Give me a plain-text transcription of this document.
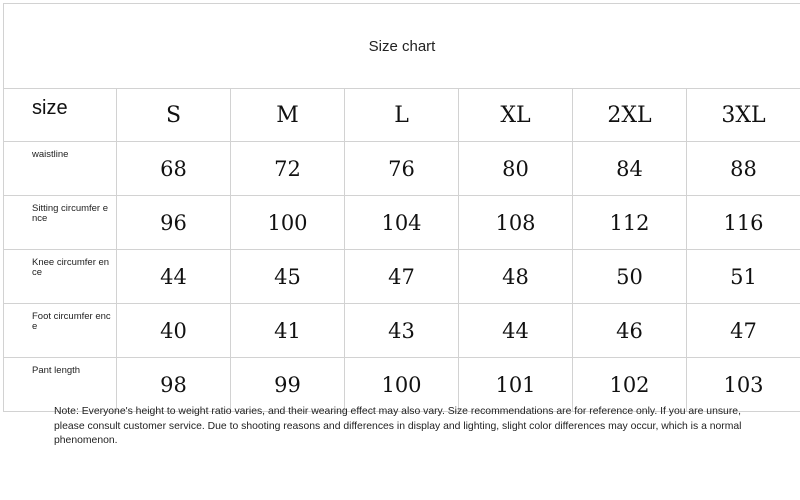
Size chart						
size	S	M	L	XL	2XL	3XL
waistline	68	72	76	80	84	88
Sitting circumfer ence	96	100	104	108	112	116
Knee circumfer ence	44	45	47	48	50	51
Foot circumfer ence	40	41	43	44	46	47
Pant length	98	99	100	101	102	103
Note: Everyone's height to weight ratio varies, and their wearing effect may also vary. Size recommendations are for reference only. If you are unsure, please consult customer service. Due to shooting reasons and differences in display and lighting, slight color differences may occur, which is a normal phenomenon.
